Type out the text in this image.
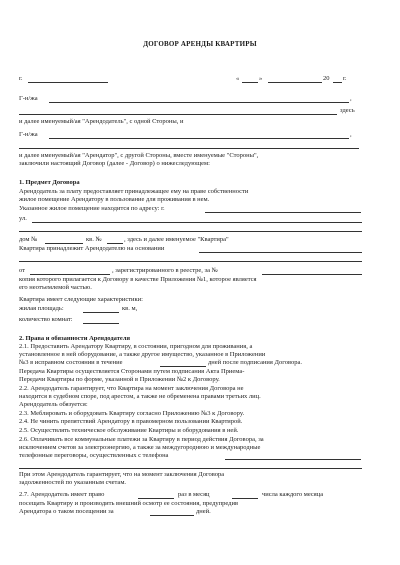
ДОГОВОР АРЕНДЫ КВАРТИРЫ
г.	«	»	20 г.
Г-н/жа	,
здесь
и далее именуемый/ая "Арендодатель", с одной Стороны, и
Г-н/жа	,
и далее именуемый/ая "Арендатор", с другой Стороны, вместе именуемые "Стороны",
заключили настоящий Договор (далее - Договор) о нижеследующем:
1. Предмет Договора
Арендодатель за плату предоставляет принадлежащее ему на праве собственности
жилое помещение Арендатору в пользование для проживания в нем.
Указанное жилое помещение находится по адресу: г.
ул.
дом №	кв. №	, здесь и далее именуемое "Квартира"
Квартира принадлежит Арендодателю на основании
от	, зарегистрированного в реестре, за №
копия которого прилагается к Договору в качестве Приложения №1, которое является
его неотъемлемой частью.
Квартира имеет следующие характеристики:
жилая площадь:	кв. м,
количество комнат:
2. Права и обязанности Арендодателя
2.1. Предоставить Арендатору Квартиру, в состоянии, пригодном для проживания, а
установленное в ней оборудование, а также другое имущество, указанное в Приложении
№3 в исправном состоянии в течение	дней после подписания Договора.
Передача Квартиры осуществляется Сторонами путем подписания Акта Приема-
Передачи Квартиры по форме, указанной в Приложении №2 к Договору.
2.2. Арендодатель гарантирует, что Квартира на момент заключения Договора не
находится в судебном споре, под арестом, а также не обременена правами третьих лиц.
Арендодатель обязуется:
2.3. Меблировать и оборудовать Квартиру согласно Приложению №3 к Договору.
2.4. Не чинить препятствий Арендатору в правомерном пользовании Квартирой.
2.5. Осуществлять техническое обслуживание Квартиры и оборудования в ней.
2.6. Оплачивать все коммунальные платежи за Квартиру в период действия Договора, за
исключением счетов за электроэнергию, а также за междугороднюю и международные
телефонные переговоры, осуществленных с телефона
При этом Арендодатель гарантирует, что на момент заключения Договора
задолженностей по указанным счетам.
2.7. Арендодатель имеет право	раз в месяц	числа каждого месяца
посещать Квартиру и производить внешний осмотр ее состояния, предупредив
Арендатора о таком посещении за	дней.
